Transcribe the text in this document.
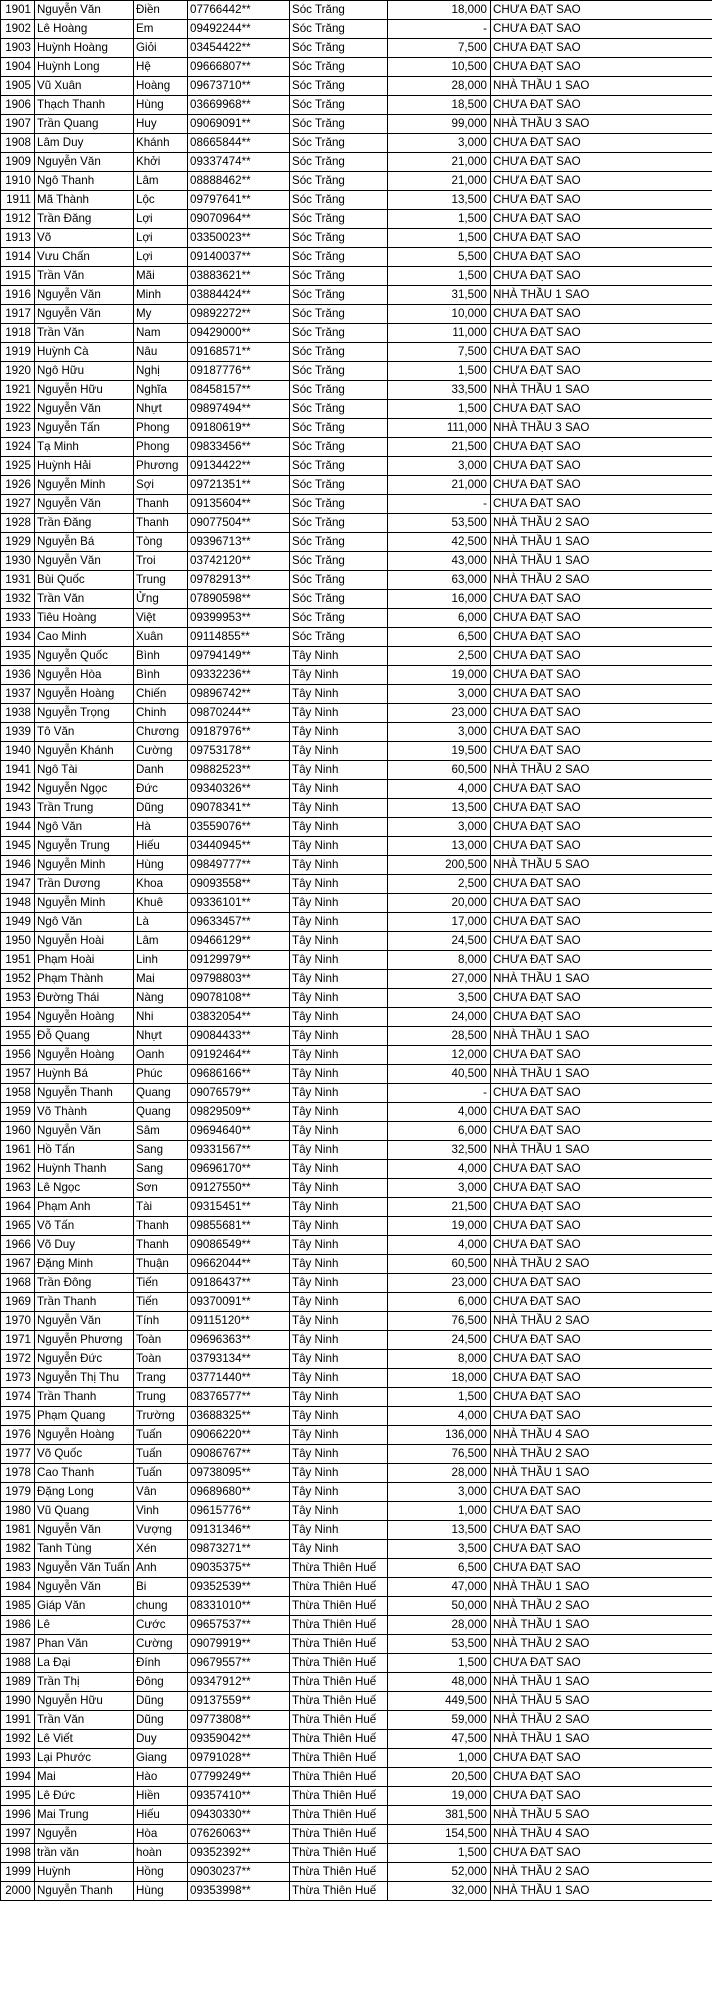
1901	Nguyễn Văn	Điền	07766442**	Sóc Trăng	18,000	CHƯA ĐẠT SAO
1902	Lê Hoàng	Em	09492244**	Sóc Trăng	-	CHƯA ĐẠT SAO
1903	Huỳnh Hoàng	Giỏi	03454422**	Sóc Trăng	7,500	CHƯA ĐẠT SAO
1904	Huỳnh Long	Hệ	09666807**	Sóc Trăng	10,500	CHƯA ĐẠT SAO
1905	Vũ Xuân	Hoàng	09673710**	Sóc Trăng	28,000	NHÀ THẦU 1 SAO
1906	Thạch Thanh	Hùng	03669968**	Sóc Trăng	18,500	CHƯA ĐẠT SAO
1907	Trần Quang	Huy	09069091**	Sóc Trăng	99,000	NHÀ THẦU 3 SAO
1908	Lâm Duy	Khánh	08665844**	Sóc Trăng	3,000	CHƯA ĐẠT SAO
1909	Nguyễn Văn	Khởi	09337474**	Sóc Trăng	21,000	CHƯA ĐẠT SAO
1910	Ngô Thanh	Lâm	08888462**	Sóc Trăng	21,000	CHƯA ĐẠT SAO
1911	Mã Thành	Lộc	09797641**	Sóc Trăng	13,500	CHƯA ĐẠT SAO
1912	Trần Đăng	Lợi	09070964**	Sóc Trăng	1,500	CHƯA ĐẠT SAO
1913	Võ	Lợi	03350023**	Sóc Trăng	1,500	CHƯA ĐẠT SAO
1914	Vưu Chấn	Lợi	09140037**	Sóc Trăng	5,500	CHƯA ĐẠT SAO
1915	Trần Văn	Mãi	03883621**	Sóc Trăng	1,500	CHƯA ĐẠT SAO
1916	Nguyễn Văn	Minh	03884424**	Sóc Trăng	31,500	NHÀ THẦU 1 SAO
1917	Nguyễn Văn	My	09892272**	Sóc Trăng	10,000	CHƯA ĐẠT SAO
1918	Trần Văn	Nam	09429000**	Sóc Trăng	11,000	CHƯA ĐẠT SAO
1919	Huỳnh Cà	Nâu	09168571**	Sóc Trăng	7,500	CHƯA ĐẠT SAO
1920	Ngô Hữu	Nghị	09187776**	Sóc Trăng	1,500	CHƯA ĐẠT SAO
1921	Nguyễn Hữu	Nghĩa	08458157**	Sóc Trăng	33,500	NHÀ THẦU 1 SAO
1922	Nguyễn Văn	Nhựt	09897494**	Sóc Trăng	1,500	CHƯA ĐẠT SAO
1923	Nguyễn Tấn	Phong	09180619**	Sóc Trăng	111,000	NHÀ THẦU 3 SAO
1924	Tạ Minh	Phong	09833456**	Sóc Trăng	21,500	CHƯA ĐẠT SAO
1925	Huỳnh Hải	Phương	09134422**	Sóc Trăng	3,000	CHƯA ĐẠT SAO
1926	Nguyễn Minh	Sợi	09721351**	Sóc Trăng	21,000	CHƯA ĐẠT SAO
1927	Nguyễn Văn	Thanh	09135604**	Sóc Trăng	-	CHƯA ĐẠT SAO
1928	Trần Đăng	Thanh	09077504**	Sóc Trăng	53,500	NHÀ THẦU 2 SAO
1929	Nguyễn Bá	Tòng	09396713**	Sóc Trăng	42,500	NHÀ THẦU 1 SAO
1930	Nguyễn Văn	Troi	03742120**	Sóc Trăng	43,000	NHÀ THẦU 1 SAO
1931	Bùi Quốc	Trung	09782913**	Sóc Trăng	63,000	NHÀ THẦU 2 SAO
1932	Trần Văn	Ửng	07890598**	Sóc Trăng	16,000	CHƯA ĐẠT SAO
1933	Tiêu Hoàng	Việt	09399953**	Sóc Trăng	6,000	CHƯA ĐẠT SAO
1934	Cao Minh	Xuân	09114855**	Sóc Trăng	6,500	CHƯA ĐẠT SAO
1935	Nguyễn Quốc	Bình	09794149**	Tây Ninh	2,500	CHƯA ĐẠT SAO
1936	Nguyễn Hòa	Bình	09332236**	Tây Ninh	19,000	CHƯA ĐẠT SAO
1937	Nguyễn Hoàng	Chiến	09896742**	Tây Ninh	3,000	CHƯA ĐẠT SAO
1938	Nguyễn Trọng	Chinh	09870244**	Tây Ninh	23,000	CHƯA ĐẠT SAO
1939	Tô Văn	Chương	09187976**	Tây Ninh	3,000	CHƯA ĐẠT SAO
1940	Nguyễn Khánh	Cường	09753178**	Tây Ninh	19,500	CHƯA ĐẠT SAO
1941	Ngô Tài	Danh	09882523**	Tây Ninh	60,500	NHÀ THẦU 2 SAO
1942	Nguyễn Ngọc	Đức	09340326**	Tây Ninh	4,000	CHƯA ĐẠT SAO
1943	Trần Trung	Dũng	09078341**	Tây Ninh	13,500	CHƯA ĐẠT SAO
1944	Ngô Văn	Hà	03559076**	Tây Ninh	3,000	CHƯA ĐẠT SAO
1945	Nguyễn Trung	Hiếu	03440945**	Tây Ninh	13,000	CHƯA ĐẠT SAO
1946	Nguyễn Minh	Hùng	09849777**	Tây Ninh	200,500	NHÀ THẦU 5 SAO
1947	Trần Dương	Khoa	09093558**	Tây Ninh	2,500	CHƯA ĐẠT SAO
1948	Nguyễn Minh	Khuê	09336101**	Tây Ninh	20,000	CHƯA ĐẠT SAO
1949	Ngô Văn	Là	09633457**	Tây Ninh	17,000	CHƯA ĐẠT SAO
1950	Nguyễn Hoài	Lâm	09466129**	Tây Ninh	24,500	CHƯA ĐẠT SAO
1951	Phạm Hoài	Linh	09129979**	Tây Ninh	8,000	CHƯA ĐẠT SAO
1952	Phạm Thành	Mai	09798803**	Tây Ninh	27,000	NHÀ THẦU 1 SAO
1953	Đường Thái	Nàng	09078108**	Tây Ninh	3,500	CHƯA ĐẠT SAO
1954	Nguyễn Hoàng	Nhi	03832054**	Tây Ninh	24,000	CHƯA ĐẠT SAO
1955	Đỗ Quang	Nhựt	09084433**	Tây Ninh	28,500	NHÀ THẦU 1 SAO
1956	Nguyễn Hoàng	Oanh	09192464**	Tây Ninh	12,000	CHƯA ĐẠT SAO
1957	Huỳnh Bá	Phúc	09686166**	Tây Ninh	40,500	NHÀ THẦU 1 SAO
1958	Nguyễn Thanh	Quang	09076579**	Tây Ninh	-	CHƯA ĐẠT SAO
1959	Võ Thành	Quang	09829509**	Tây Ninh	4,000	CHƯA ĐẠT SAO
1960	Nguyễn Văn	Sâm	09694640**	Tây Ninh	6,000	CHƯA ĐẠT SAO
1961	Hồ Tấn	Sang	09331567**	Tây Ninh	32,500	NHÀ THẦU 1 SAO
1962	Huỳnh Thanh	Sang	09696170**	Tây Ninh	4,000	CHƯA ĐẠT SAO
1963	Lê Ngọc	Sơn	09127550**	Tây Ninh	3,000	CHƯA ĐẠT SAO
1964	Phạm Anh	Tài	09315451**	Tây Ninh	21,500	CHƯA ĐẠT SAO
1965	Võ Tấn	Thanh	09855681**	Tây Ninh	19,000	CHƯA ĐẠT SAO
1966	Võ Duy	Thanh	09086549**	Tây Ninh	4,000	CHƯA ĐẠT SAO
1967	Đặng Minh	Thuận	09662044**	Tây Ninh	60,500	NHÀ THẦU 2 SAO
1968	Trần Đông	Tiến	09186437**	Tây Ninh	23,000	CHƯA ĐẠT SAO
1969	Trần Thanh	Tiến	09370091**	Tây Ninh	6,000	CHƯA ĐẠT SAO
1970	Nguyễn Văn	Tính	09115120**	Tây Ninh	76,500	NHÀ THẦU 2 SAO
1971	Nguyễn Phương	Toàn	09696363**	Tây Ninh	24,500	CHƯA ĐẠT SAO
1972	Nguyễn Đức	Toàn	03793134**	Tây Ninh	8,000	CHƯA ĐẠT SAO
1973	Nguyễn Thị Thu	Trang	03771440**	Tây Ninh	18,000	CHƯA ĐẠT SAO
1974	Trần Thanh	Trung	08376577**	Tây Ninh	1,500	CHƯA ĐẠT SAO
1975	Phạm Quang	Trường	03688325**	Tây Ninh	4,000	CHƯA ĐẠT SAO
1976	Nguyễn Hoàng	Tuấn	09066220**	Tây Ninh	136,000	NHÀ THẦU 4 SAO
1977	Võ Quốc	Tuấn	09086767**	Tây Ninh	76,500	NHÀ THẦU 2 SAO
1978	Cao Thanh	Tuấn	09738095**	Tây Ninh	28,000	NHÀ THẦU 1 SAO
1979	Đặng Long	Vân	09689680**	Tây Ninh	3,000	CHƯA ĐẠT SAO
1980	Vũ Quang	Vinh	09615776**	Tây Ninh	1,000	CHƯA ĐẠT SAO
1981	Nguyễn Văn	Vượng	09131346**	Tây Ninh	13,500	CHƯA ĐẠT SAO
1982	Tanh Tùng	Xén	09873271**	Tây Ninh	3,500	CHƯA ĐẠT SAO
1983	Nguyễn Văn Tuấn	Anh	09035375**	Thừa Thiên Huế	6,500	CHƯA ĐẠT SAO
1984	Nguyễn Văn	Bi	09352539**	Thừa Thiên Huế	47,000	NHÀ THẦU 1 SAO
1985	Giáp Văn	chung	08331010**	Thừa Thiên Huế	50,000	NHÀ THẦU 2 SAO
1986	Lê	Cước	09657537**	Thừa Thiên Huế	28,000	NHÀ THẦU 1 SAO
1987	Phan Văn	Cường	09079919**	Thừa Thiên Huế	53,500	NHÀ THẦU 2 SAO
1988	La Đại	Đính	09679557**	Thừa Thiên Huế	1,500	CHƯA ĐẠT SAO
1989	Trần Thị	Đông	09347912**	Thừa Thiên Huế	48,000	NHÀ THẦU 1 SAO
1990	Nguyễn Hữu	Dũng	09137559**	Thừa Thiên Huế	449,500	NHÀ THẦU 5 SAO
1991	Trần Văn	Dũng	09773808**	Thừa Thiên Huế	59,000	NHÀ THẦU 2 SAO
1992	Lê Viết	Duy	09359042**	Thừa Thiên Huế	47,500	NHÀ THẦU 1 SAO
1993	Lại Phước	Giang	09791028**	Thừa Thiên Huế	1,000	CHƯA ĐẠT SAO
1994	Mai	Hào	07799249**	Thừa Thiên Huế	20,500	CHƯA ĐẠT SAO
1995	Lê Đức	Hiền	09357410**	Thừa Thiên Huế	19,000	CHƯA ĐẠT SAO
1996	Mai Trung	Hiếu	09430330**	Thừa Thiên Huế	381,500	NHÀ THẦU 5 SAO
1997	Nguyễn	Hòa	07626063**	Thừa Thiên Huế	154,500	NHÀ THẦU 4 SAO
1998	trần văn	hoàn	09352392**	Thừa Thiên Huế	1,500	CHƯA ĐẠT SAO
1999	Huỳnh	Hồng	09030237**	Thừa Thiên Huế	52,000	NHÀ THẦU 2 SAO
2000	Nguyễn Thanh	Hùng	09353998**	Thừa Thiên Huế	32,000	NHÀ THẦU 1 SAO
